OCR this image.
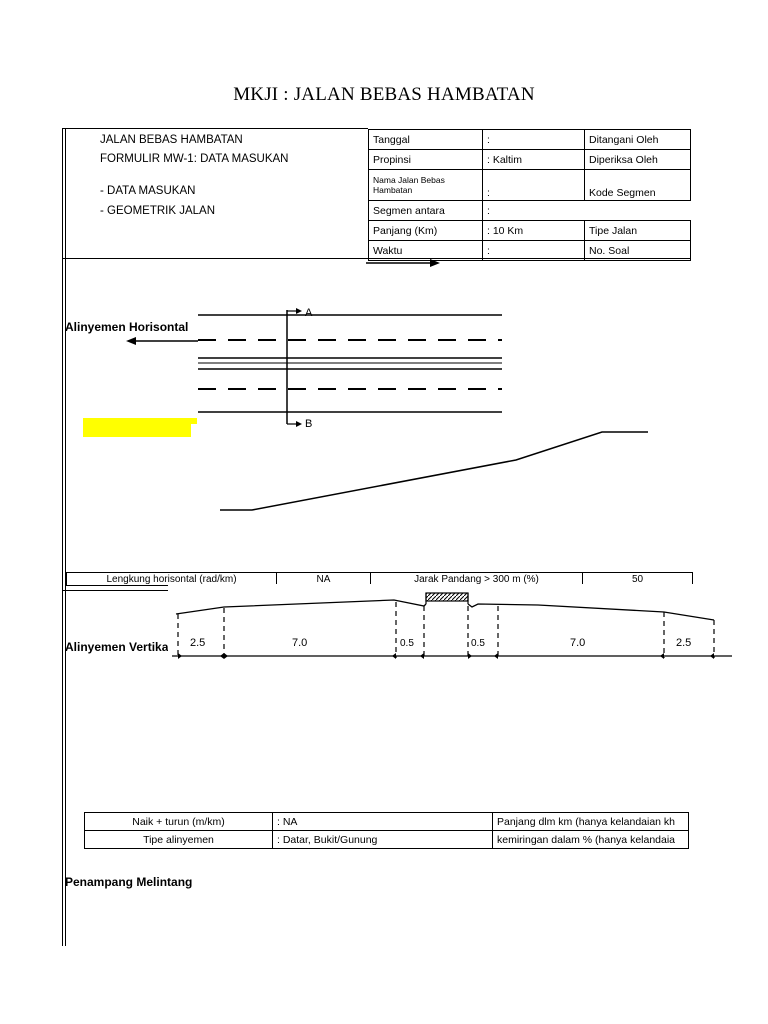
MKJI : JALAN BEBAS HAMBATAN
JALAN BEBAS HAMBATAN
FORMULIR MW-1: DATA MASUKAN
- DATA MASUKAN
- GEOMETRIK JALAN
Tanggal	:	Ditangani Oleh
Propinsi	: Kaltim	Diperiksa Oleh
Nama Jalan Bebas
Hambatan	:	Kode Segmen
Segmen antara	:	
Panjang (Km)	: 10 Km	Tipe Jalan
Waktu	:	No. Soal
Alinyemen Horisontal
A
B
Lengkung horisontal (rad/km)	NA	Jarak Pandang > 300 m (%)	50
Alinyemen Vertika 2.5	7.0	0.5	0.5	7.0	2.5
Naik + turun (m/km)	: NA	Panjang dlm km (hanya kelandaian kh
Tipe alinyemen	: Datar, Bukit/Gunung	kemiringan dalam % (hanya kelandaia
Penampang Melintang
